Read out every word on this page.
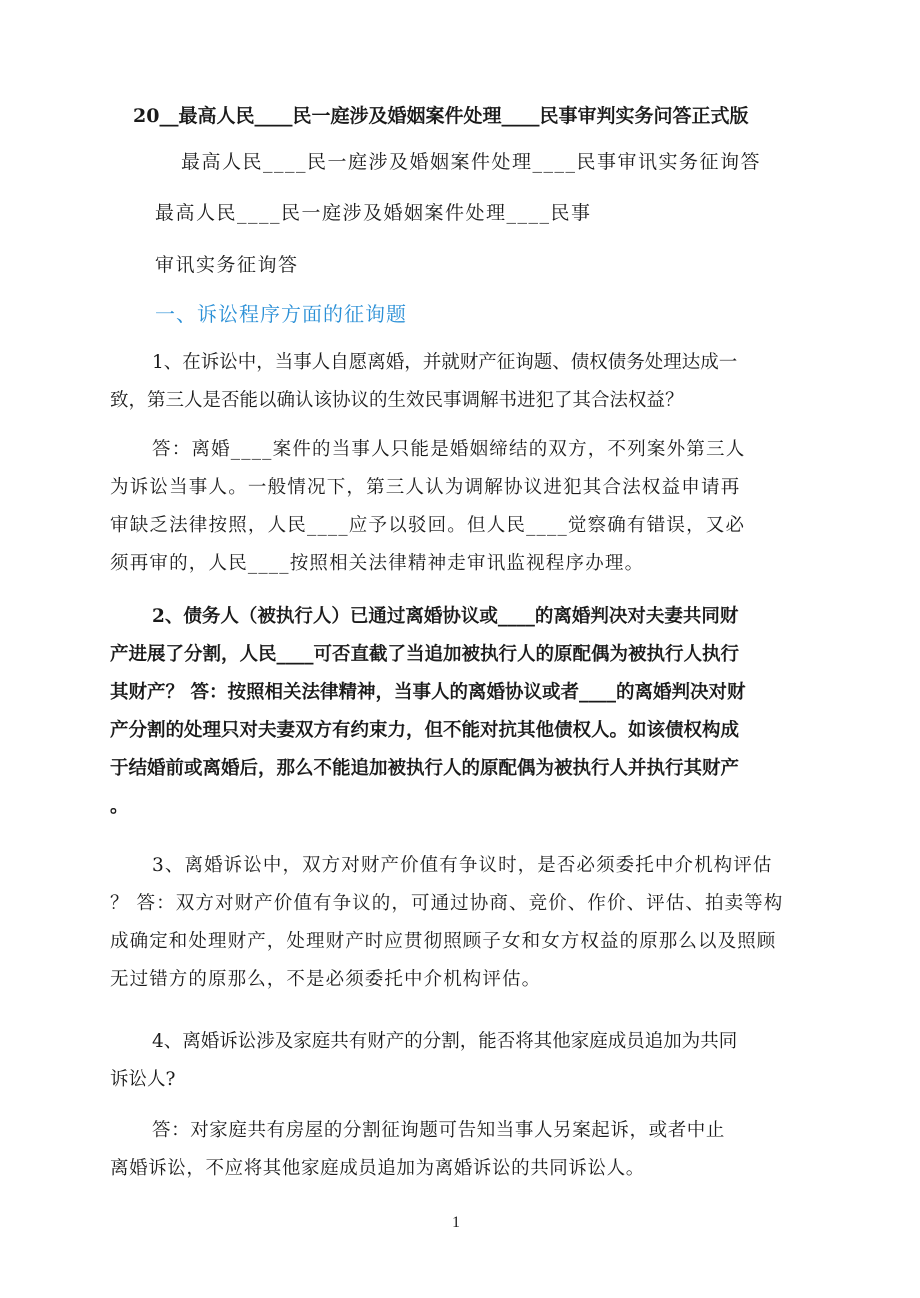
20__最高人民____民一庭涉及婚姻案件处理____民事审判实务问答正式版
最高人民____民一庭涉及婚姻案件处理____民事审讯实务征询答
最高人民____民一庭涉及婚姻案件处理____民事
审讯实务征询答
一、诉讼程序方面的征询题
1、在诉讼中，当事人自愿离婚，并就财产征询题、债权债务处理达成一
致，第三人是否能以确认该协议的生效民事调解书进犯了其合法权益？
答：离婚____案件的当事人只能是婚姻缔结的双方，不列案外第三人
为诉讼当事人。一般情况下，第三人认为调解协议进犯其合法权益申请再
审缺乏法律按照，人民____应予以驳回。但人民____觉察确有错误，又必
须再审的，人民____按照相关法律精神走审讯监视程序办理。
2、债务人（被执行人）已通过离婚协议或____的离婚判决对夫妻共同财
产进展了分割，人民____可否直截了当追加被执行人的原配偶为被执行人执行
其财产？ 答：按照相关法律精神，当事人的离婚协议或者____的离婚判决对财
产分割的处理只对夫妻双方有约束力，但不能对抗其他债权人。如该债权构成
于结婚前或离婚后，那么不能追加被执行人的原配偶为被执行人并执行其财产
。
3、离婚诉讼中，双方对财产价值有争议时，是否必须委托中介机构评估
？ 答：双方对财产价值有争议的，可通过协商、竞价、作价、评估、拍卖等构
成确定和处理财产，处理财产时应贯彻照顾子女和女方权益的原那么以及照顾
无过错方的原那么，不是必须委托中介机构评估。
4、离婚诉讼涉及家庭共有财产的分割，能否将其他家庭成员追加为共同
诉讼人?
答：对家庭共有房屋的分割征询题可告知当事人另案起诉，或者中止
离婚诉讼，不应将其他家庭成员追加为离婚诉讼的共同诉讼人。
1
